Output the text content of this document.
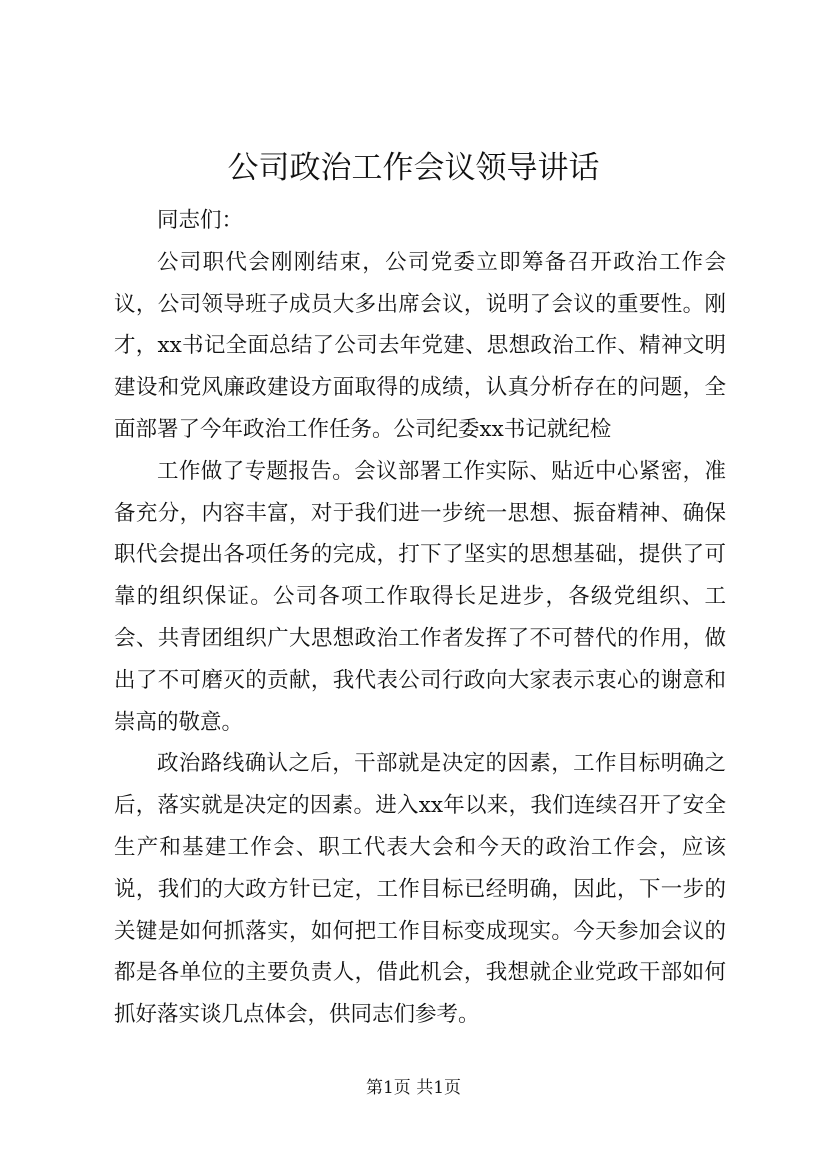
公司政治工作会议领导讲话

同志们：

公司职代会刚刚结束，公司党委立即筹备召开政治工作会议，公司领导班子成员大多出席会议，说明了会议的重要性。刚才，xx书记全面总结了公司去年党建、思想政治工作、精神文明建设和党风廉政建设方面取得的成绩，认真分析存在的问题，全面部署了今年政治工作任务。公司纪委xx书记就纪检

工作做了专题报告。会议部署工作实际、贴近中心紧密，准备充分，内容丰富，对于我们进一步统一思想、振奋精神、确保职代会提出各项任务的完成，打下了坚实的思想基础，提供了可靠的组织保证。公司各项工作取得长足进步，各级党组织、工会、共青团组织广大思想政治工作者发挥了不可替代的作用，做出了不可磨灭的贡献，我代表公司行政向大家表示衷心的谢意和崇高的敬意。

政治路线确认之后，干部就是决定的因素，工作目标明确之后，落实就是决定的因素。进入xx年以来，我们连续召开了安全生产和基建工作会、职工代表大会和今天的政治工作会，应该说，我们的大政方针已定，工作目标已经明确，因此，下一步的关键是如何抓落实，如何把工作目标变成现实。今天参加会议的都是各单位的主要负责人，借此机会，我想就企业党政干部如何抓好落实谈几点体会，供同志们参考。

第1页 共1页
